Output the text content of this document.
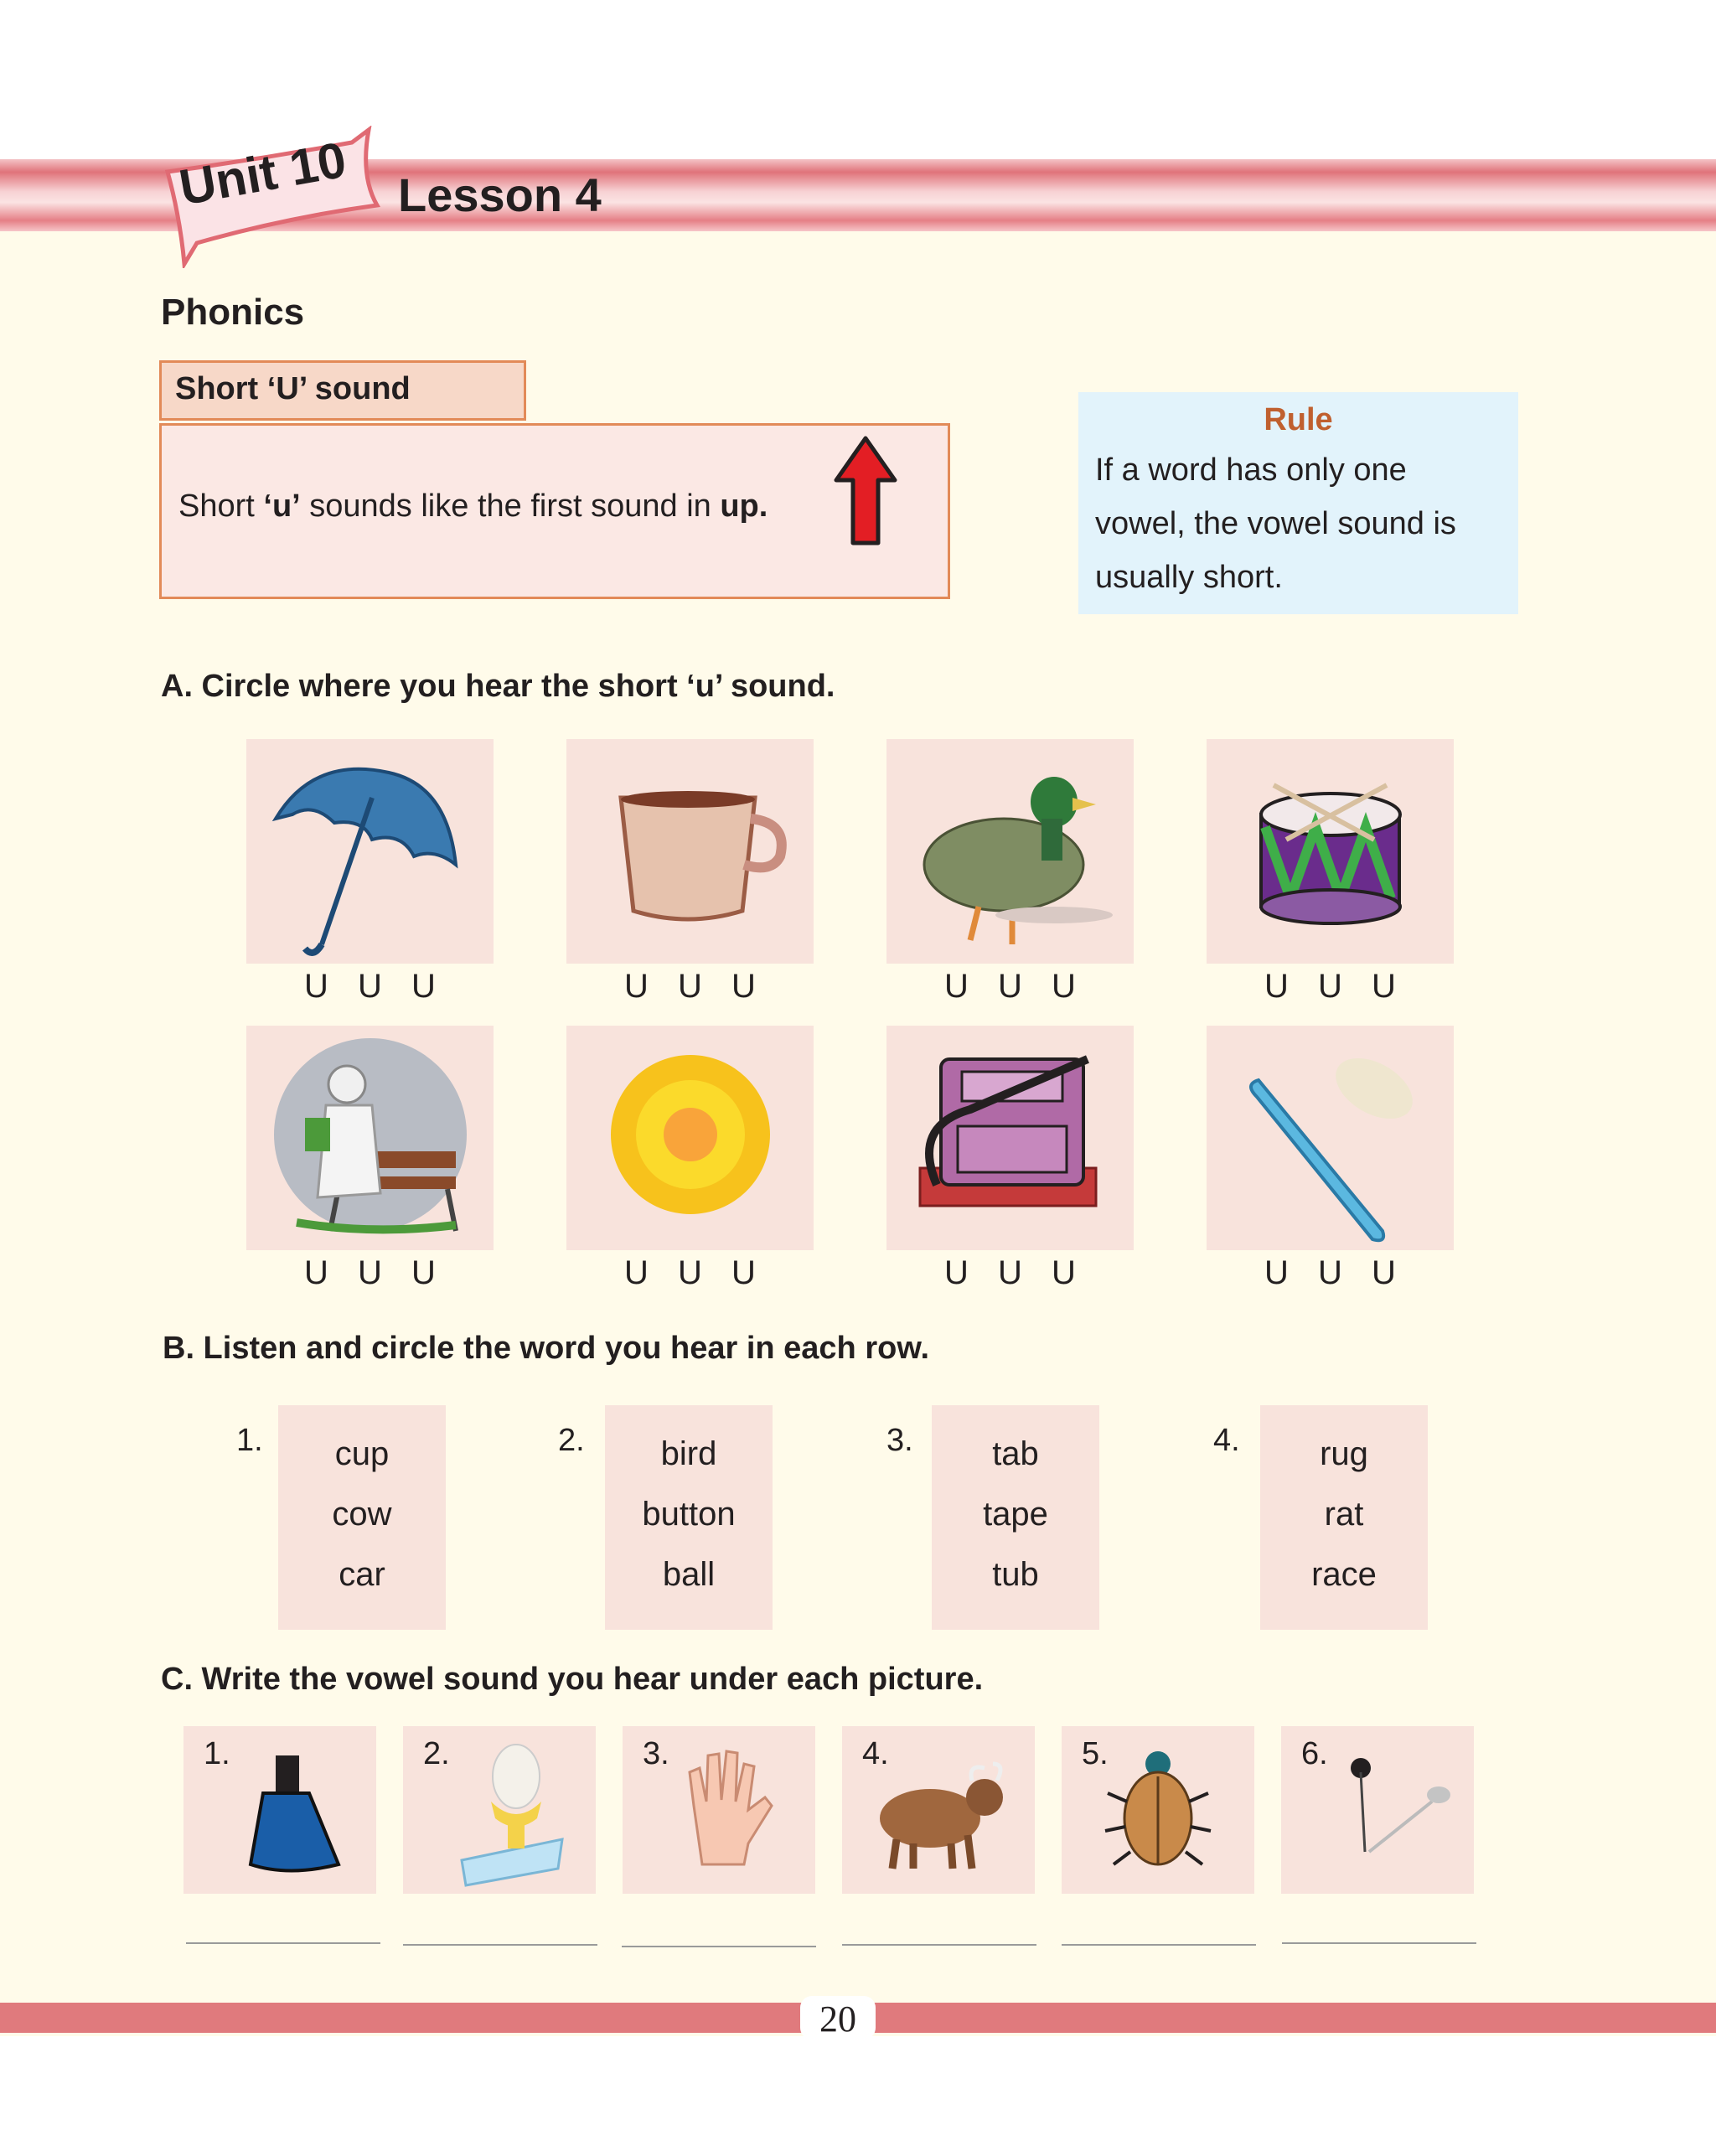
Unit 10 Lesson 4
Phonics
Short ‘U’ sound
Short ‘u’ sounds like the first sound in up.
Rule
If a word has only one
vowel, the vowel sound is
usually short.
A. Circle where you hear the short ‘u’ sound.
U U U	U U U	U U U	U U U
U U U	U U U	U U U	U U U
B. Listen and circle the word you hear in each row.
1.	cup
cow
car
2.	bird
button
ball
3.	tab
tape
tub
4.	rug
rat
race
C. Write the vowel sound you hear under each picture.
1.	2.	3.	4.	5.	6.
20
